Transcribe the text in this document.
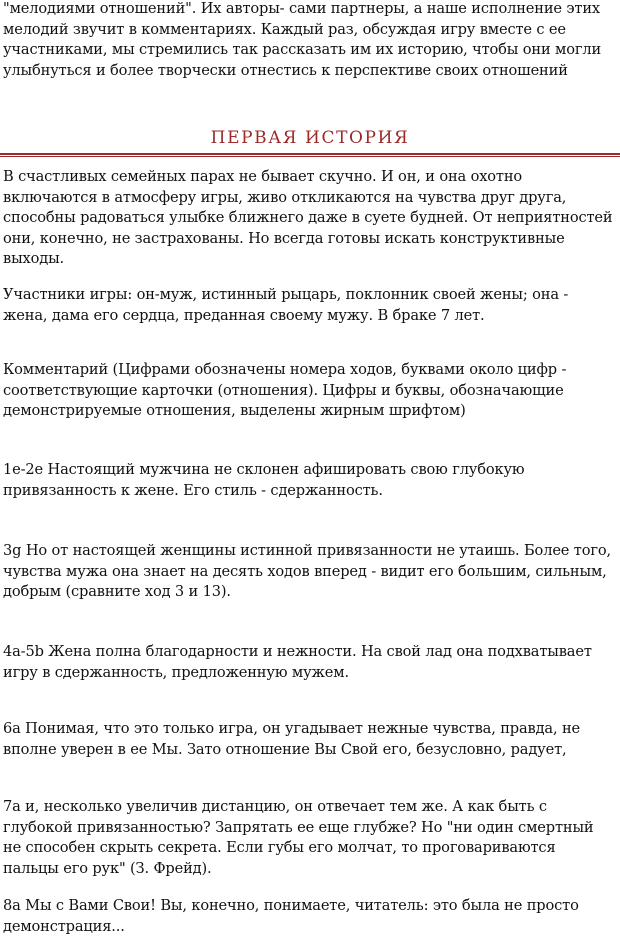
"мелодиями отношений". Их авторы- сами партнеры, а наше исполнение этих мелодий звучит в комментариях. Каждый раз, обсуждая игру вместе с ее участниками, мы стремились так рассказать им их историю, чтобы они могли улыбнуться и более творчески отнестись к перспективе своих отношений

ПЕРВАЯ ИСТОРИЯ

В счастливых семейных парах не бывает скучно. И он, и она охотно включаются в атмосферу игры, живо откликаются на чувства друг друга, способны радоваться улыбке ближнего даже в суете будней. От неприятностей они, конечно, не застрахованы. Но всегда готовы искать конструктивные выходы.

Участники игры: он-муж, истинный рыцарь, поклонник своей жены; она - жена, дама его сердца, преданная своему мужу. В браке 7 лет.

Комментарий (Цифрами обозначены номера ходов, буквами около цифр - соответствующие карточки (отношения). Цифры и буквы, обозначающие демонстрируемые отношения, выделены жирным шрифтом)

1е-2е Настоящий мужчина не склонен афишировать свою глубокую привязанность к жене. Его стиль - сдержанность.

3g Но от настоящей женщины истинной привязанности не утаишь. Более того, чувства мужа она знает на десять ходов вперед - видит его большим, сильным, добрым (сравните ход 3 и 13).

4a-5b Жена полна благодарности и нежности. На свой лад она подхватывает игру в сдержанность, предложенную мужем.

6а Понимая, что это только игра, он угадывает нежные чувства, правда, не вполне уверен в ее Мы. Зато отношение Вы Свой его, безусловно, радует,

7а и, несколько увеличив дистанцию, он отвечает тем же. А как быть с глубокой привязанностью? Запрятать ее еще глубже? Но "ни один смертный не способен скрыть секрета. Если губы его молчат, то проговариваются пальцы его рук" (З. Фрейд).

8а Мы с Вами Свои! Вы, конечно, понимаете, читатель: это была не просто демонстрация...
